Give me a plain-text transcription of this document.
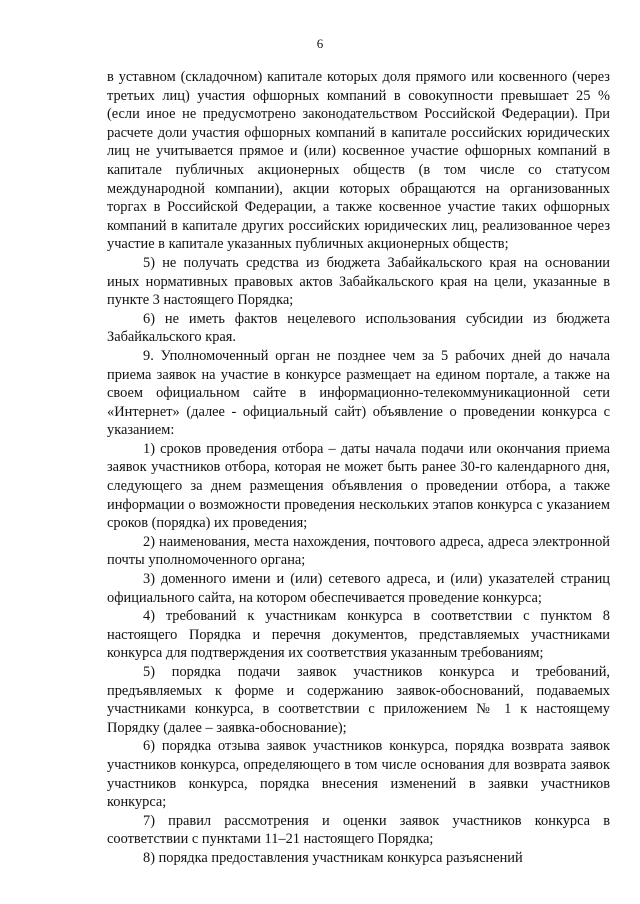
6

в уставном (складочном) капитале которых доля прямого или косвенного (через третьих лиц) участия офшорных компаний в совокупности превышает 25 % (если иное не предусмотрено законодательством Российской Федерации). При расчете доли участия офшорных компаний в капитале российских юридических лиц не учитывается прямое и (или) косвенное участие офшорных компаний в капитале публичных акционерных обществ (в том числе со статусом международной компании), акции которых обращаются на организованных торгах в Российской Федерации, а также косвенное участие таких офшорных компаний в капитале других российских юридических лиц, реализованное через участие в капитале указанных публичных акционерных обществ;

5) не получать средства из бюджета Забайкальского края на основании иных нормативных правовых актов Забайкальского края на цели, указанные в пункте 3 настоящего Порядка;

6) не иметь фактов нецелевого использования субсидии из бюджета Забайкальского края.

9. Уполномоченный орган не позднее чем за 5 рабочих дней до начала приема заявок на участие в конкурсе размещает на едином портале, а также на своем официальном сайте в информационно-телекоммуникационной сети «Интернет» (далее - официальный сайт) объявление о проведении конкурса с указанием:

1) сроков проведения отбора – даты начала подачи или окончания приема заявок участников отбора, которая не может быть ранее 30-го календарного дня, следующего за днем размещения объявления о проведении отбора, а также информации о возможности проведения нескольких этапов конкурса с указанием сроков (порядка) их проведения;

2) наименования, места нахождения, почтового адреса, адреса электронной почты уполномоченного органа;

3) доменного имени и (или) сетевого адреса, и (или) указателей страниц официального сайта, на котором обеспечивается проведение конкурса;

4) требований к участникам конкурса в соответствии с пунктом 8 настоящего Порядка и перечня документов, представляемых участниками конкурса для подтверждения их соответствия указанным требованиям;

5) порядка подачи заявок участников конкурса и требований, предъявляемых к форме и содержанию заявок-обоснований, подаваемых участниками конкурса, в соответствии с приложением № 1 к настоящему Порядку (далее – заявка-обоснование);

6) порядка отзыва заявок участников конкурса, порядка возврата заявок участников конкурса, определяющего в том числе основания для возврата заявок участников конкурса, порядка внесения изменений в заявки участников конкурса;

7) правил рассмотрения и оценки заявок участников конкурса в соответствии с пунктами 11–21 настоящего Порядка;

8) порядка предоставления участникам конкурса разъяснений
